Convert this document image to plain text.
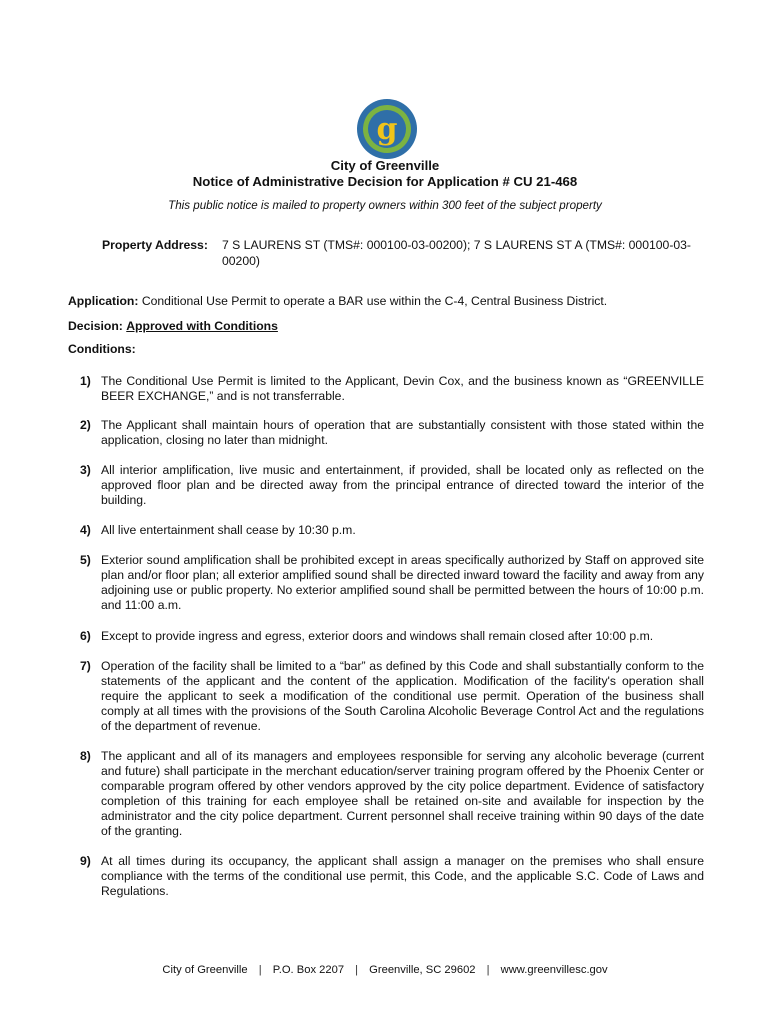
g
City of Greenville
Notice of Administrative Decision for Application # CU 21-468
This public notice is mailed to property owners within 300 feet of the subject property
Property Address: 7 S LAURENS ST (TMS#: 000100-03-00200); 7 S LAURENS ST A (TMS#: 000100-03-00200)
Application: Conditional Use Permit to operate a BAR use within the C-4, Central Business District.
Decision: Approved with Conditions
Conditions:
1) The Conditional Use Permit is limited to the Applicant, Devin Cox, and the business known as “GREENVILLE BEER EXCHANGE,” and is not transferrable.
2) The Applicant shall maintain hours of operation that are substantially consistent with those stated within the application, closing no later than midnight.
3) All interior amplification, live music and entertainment, if provided, shall be located only as reflected on the approved floor plan and be directed away from the principal entrance of directed toward the interior of the building.
4) All live entertainment shall cease by 10:30 p.m.
5) Exterior sound amplification shall be prohibited except in areas specifically authorized by Staff on approved site plan and/or floor plan; all exterior amplified sound shall be directed inward toward the facility and away from any adjoining use or public property. No exterior amplified sound shall be permitted between the hours of 10:00 p.m. and 11:00 a.m.
6) Except to provide ingress and egress, exterior doors and windows shall remain closed after 10:00 p.m.
7) Operation of the facility shall be limited to a “bar” as defined by this Code and shall substantially conform to the statements of the applicant and the content of the application. Modification of the facility's operation shall require the applicant to seek a modification of the conditional use permit. Operation of the business shall comply at all times with the provisions of the South Carolina Alcoholic Beverage Control Act and the regulations of the department of revenue.
8) The applicant and all of its managers and employees responsible for serving any alcoholic beverage (current and future) shall participate in the merchant education/server training program offered by the Phoenix Center or comparable program offered by other vendors approved by the city police department. Evidence of satisfactory completion of this training for each employee shall be retained on-site and available for inspection by the administrator and the city police department. Current personnel shall receive training within 90 days of the date of the granting.
9) At all times during its occupancy, the applicant shall assign a manager on the premises who shall ensure compliance with the terms of the conditional use permit, this Code, and the applicable S.C. Code of Laws and Regulations.
City of Greenville | P.O. Box 2207 | Greenville, SC 29602 | www.greenvillesc.gov
